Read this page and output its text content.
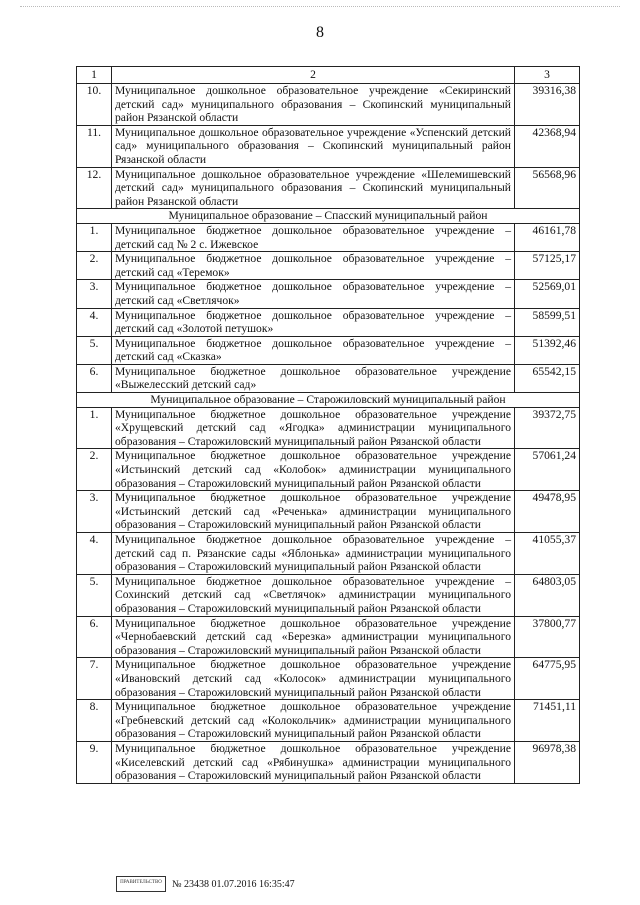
8
1	2	3
10.	Муниципальное дошкольное образовательное учреждение «Секиринский детский сад» муниципального образования – Скопинский муниципальный район Рязанской области	39316,38
11.	Муниципальное дошкольное образовательное учреждение «Успенский детский сад» муниципального образования – Скопинский муниципальный район Рязанской области	42368,94
12.	Муниципальное дошкольное образовательное учреждение «Шелемишевский детский сад» муниципального образования – Скопинский муниципальный район Рязанской области	56568,96
Муниципальное образование – Спасский муниципальный район		
1.	Муниципальное бюджетное дошкольное образовательное учреждение – детский сад № 2 с. Ижевское	46161,78
2.	Муниципальное бюджетное дошкольное образовательное учреждение – детский сад «Теремок»	57125,17
3.	Муниципальное бюджетное дошкольное образовательное учреждение – детский сад «Светлячок»	52569,01
4.	Муниципальное бюджетное дошкольное образовательное учреждение – детский сад «Золотой петушок»	58599,51
5.	Муниципальное бюджетное дошкольное образовательное учреждение – детский сад «Сказка»	51392,46
6.	Муниципальное бюджетное дошкольное образовательное учреждение «Выжелесский детский сад»	65542,15
Муниципальное образование – Старожиловский муниципальный район		
1.	Муниципальное бюджетное дошкольное образовательное учреждение «Хрущевский детский сад «Ягодка» администрации муниципального образования – Старожиловский муниципальный район Рязанской области	39372,75
2.	Муниципальное бюджетное дошкольное образовательное учреждение «Истьинский детский сад «Колобок» администрации муниципального образования – Старожиловский муниципальный район Рязанской области	57061,24
3.	Муниципальное бюджетное дошкольное образовательное учреждение «Истьинский детский сад «Реченька» администрации муниципального образования – Старожиловский муниципальный район Рязанской области	49478,95
4.	Муниципальное бюджетное дошкольное образовательное учреждение – детский сад п. Рязанские сады «Яблонька» администрации муниципального образования – Старожиловский муниципальный район Рязанской области	41055,37
5.	Муниципальное бюджетное дошкольное образовательное учреждение – Сохинский детский сад «Светлячок» администрации муниципального образования – Старожиловский муниципальный район Рязанской области	64803,05
6.	Муниципальное бюджетное дошкольное образовательное учреждение «Чернобаевский детский сад «Березка» администрации муниципального образования – Старожиловский муниципальный район Рязанской области	37800,77
7.	Муниципальное бюджетное дошкольное образовательное учреждение «Ивановский детский сад «Колосок» администрации муниципального образования – Старожиловский муниципальный район Рязанской области	64775,95
8.	Муниципальное бюджетное дошкольное образовательное учреждение «Гребневский детский сад «Колокольчик» администрации муниципального образования – Старожиловский муниципальный район Рязанской области	71451,11
9.	Муниципальное бюджетное дошкольное образовательное учреждение «Киселевский детский сад «Рябинушка» администрации муниципального образования – Старожиловский муниципальный район Рязанской области	96978,38
ПРАВИТЕЛЬСТВО	№ 23438 01.07.2016 16:35:47
